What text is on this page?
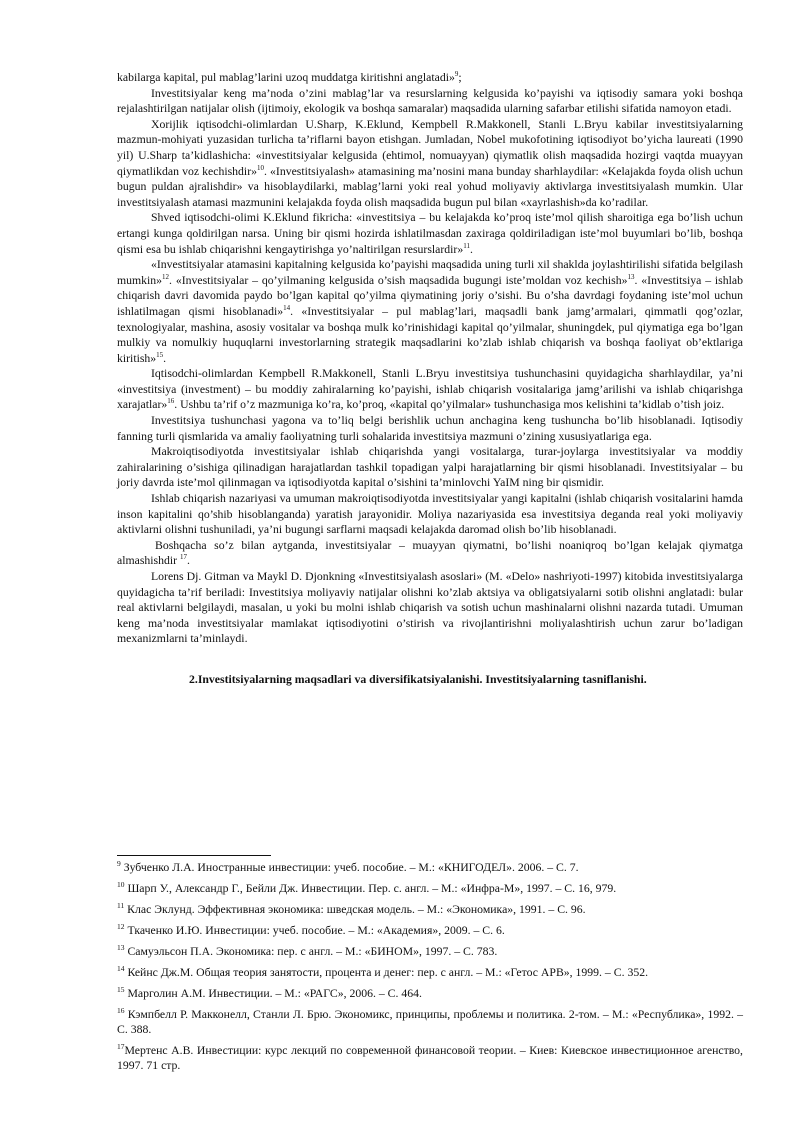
kabilarga kapital, pul mablag’larini uzoq muddatga kiritishni anglatadi»$^9$;

Investitsiyalar keng ma’noda o’zini mablag’lar va resurslarning kelgusida ko’payishi va iqtisodiy samara yoki boshqa rejalashtirilgan natijalar olish (ijtimoiy, ekologik va boshqa samaralar) maqsadida ularning safarbar etilishi sifatida namoyon etadi.

Xorijlik iqtisodchi-olimlardan U.Sharp, K.Eklund, Kempbell R.Makkonell, Stanli L.Bryu kabilar investitsiyalarning mazmun-mohiyati yuzasidan turlicha ta’riflarni bayon etishgan. Jumladan, Nobel mukofotining iqtisodiyot bo’yicha laureati (1990 yil) U.Sharp ta’kidlashicha: «investitsiyalar kelgusida (ehtimol, nomuayyan) qiymatlik olish maqsadida hozirgi vaqtda muayyan qiymatlikdan voz kechishdir»$^{10}$. «Investitsiyalash» atamasining ma’nosini mana bunday sharhlaydilar: «Kelajakda foyda olish uchun bugun puldan ajralishdir» va hisoblaydilarki, mablag’larni yoki real yohud moliyaviy aktivlarga investitsiyalash mumkin. Ular investitsiyalash atamasi mazmunini kelajakda foyda olish maqsadida bugun pul bilan «xayrlashish»da ko’radilar.

Shved iqtisodchi-olimi K.Eklund fikricha: «investitsiya – bu kelajakda ko’proq iste’mol qilish sharoitiga ega bo’lish uchun ertangi kunga qoldirilgan narsa. Uning bir qismi hozirda ishlatilmasdan zaxiraga qoldiriladigan iste’mol buyumlari bo’lib, boshqa qismi esa bu ishlab chiqarishni kengaytirishga yo’naltirilgan resurslardir»$^{11}$.

«Investitsiyalar atamasini kapitalning kelgusida ko’payishi maqsadida uning turli xil shaklda joylashtirilishi sifatida belgilash mumkin»$^{12}$. «Investitsiyalar – qo’yilmaning kelgusida o’sish maqsadida bugungi iste’moldan voz kechish»$^{13}$. «Investitsiya – ishlab chiqarish davri davomida paydo bo’lgan kapital qo’yilma qiymatining joriy o’sishi. Bu o’sha davrdagi foydaning iste’mol uchun ishlatilmagan qismi hisoblanadi»$^{14}$. «Investitsiyalar – pul mablag’lari, maqsadli bank jamg’armalari, qimmatli qog’ozlar, texnologiyalar, mashina, asosiy vositalar va boshqa mulk ko’rinishidagi kapital qo’yilmalar, shuningdek, pul qiymatiga ega bo’lgan mulkiy va nomulkiy huquqlarni investorlarning strategik maqsadlarini ko’zlab ishlab chiqarish va boshqa faoliyat ob’ektlariga kiritish»$^{15}$.

Iqtisodchi-olimlardan Kempbell R.Makkonell, Stanli L.Bryu investitsiya tushunchasini quyidagicha sharhlaydilar, ya’ni «investitsiya (investment) – bu moddiy zahiralarning ko’payishi, ishlab chiqarish vositalariga jamg’arilishi va ishlab chiqarishga xarajatlar»$^{16}$. Ushbu ta’rif o’z mazmuniga ko’ra, ko’proq, «kapital qo’yilmalar» tushunchasiga mos kelishini ta’kidlab o’tish joiz.

Investitsiya tushunchasi yagona va to’liq belgi berishlik uchun anchagina keng tushuncha bo’lib hisoblanadi. Iqtisodiy fanning turli qismlarida va amaliy faoliyatning turli sohalarida investitsiya mazmuni o’zining xususiyatlariga ega.

Makroiqtisodiyotda investitsiyalar ishlab chiqarishda yangi vositalarga, turar-joylarga investitsiyalar va moddiy zahiralarining o’sishiga qilinadigan harajatlardan tashkil topadigan yalpi harajatlarning bir qismi hisoblanadi. Investitsiyalar – bu joriy davrda iste’mol qilinmagan va iqtisodiyotda kapital o’sishini ta’minlovchi YaIM ning bir qismidir.

Ishlab chiqarish nazariyasi va umuman makroiqtisodiyotda investitsiyalar yangi kapitalni (ishlab chiqarish vositalarini hamda inson kapitalini qo’shib hisoblanganda) yaratish jarayonidir. Moliya nazariyasida esa investitsiya deganda real yoki moliyaviy aktivlarni olishni tushuniladi, ya’ni bugungi sarflarni maqsadi kelajakda daromad olish bo’lib hisoblanadi.

Boshqacha so’z bilan aytganda, investitsiyalar – muayyan qiymatni, bo’lishi noaniqroq bo’lgan kelajak qiymatga almashishdir $^{17}$.

Lorens Dj. Gitman va Maykl D. Djonkning «Investitsiyalash asoslari» (M. «Delo» nashriyoti-1997) kitobida investitsiyalarga quyidagicha ta’rif beriladi: Investitsiya moliyaviy natijalar olishni ko’zlab aktsiya va obligatsiyalarni sotib olishni anglatadi: bular real aktivlarni belgilaydi, masalan, u yoki bu molni ishlab chiqarish va sotish uchun mashinalarni olishni nazarda tutadi. Umuman keng ma’noda investitsiyalar mamlakat iqtisodiyotini o’stirish va rivojlantirishni moliyalashtirish uchun zarur bo’ladigan mexanizmlarni ta’minlaydi.

2.Investitsiyalarning maqsadlari va diversifikatsiyalanishi. Investitsiyalarning tasniflanishi.

$^9$ Зубченко Л.А. Иностранные инвестиции: учеб. пособие. – М.: «КНИГОДЕЛ». 2006. – С. 7.

$^{10}$ Шарп У., Александр Г., Бейли Дж. Инвестиции. Пер. с. англ. – М.: «Инфра-М», 1997. – С. 16, 979.

$^{11}$ Клас Эклунд. Эффективная экономика: шведская модель. – М.: «Экономика», 1991. – С. 96.

$^{12}$ Ткаченко И.Ю. Инвестиции: учеб. пособие. – М.: «Академия», 2009. – С. 6.

$^{13}$ Самуэльсон П.А. Экономика: пер. с англ. – М.: «БИНОМ», 1997. – С. 783.

$^{14}$ Кейнс Дж.М. Общая теория занятости, процента и денег: пер. с англ. – М.: «Гетос АРВ», 1999. – С. 352.

$^{15}$ Марголин А.М. Инвестиции. – М.: «РАГС», 2006. – С. 464.

$^{16}$ Кэмпбелл Р. Макконелл, Станли Л. Брю. Экономикс, принципы, проблемы и политика. 2-том. – М.: «Республика», 1992. – С. 388.

$^{17}$Мертенс А.В. Инвестиции: курс лекций по современной финансовой теории. – Киев: Киевское инвестиционное агенство, 1997. 71 стр.
